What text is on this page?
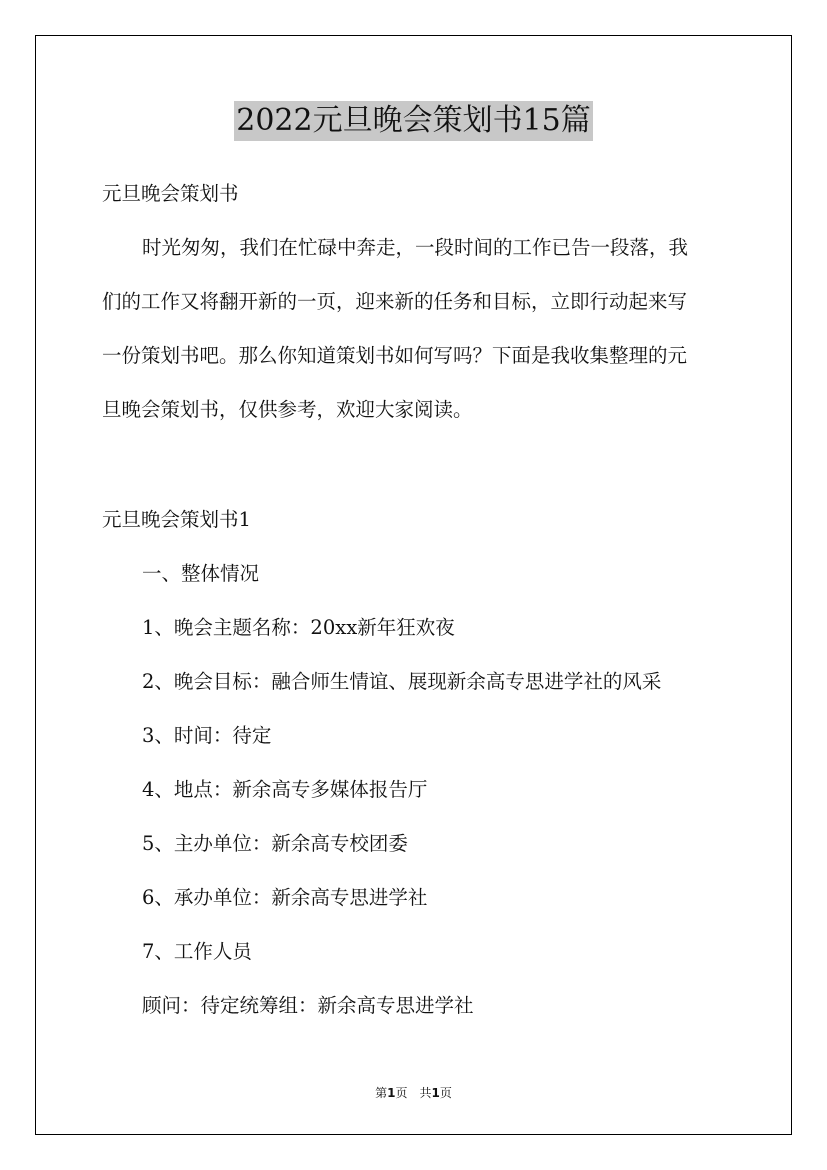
2022元旦晚会策划书15篇
元旦晚会策划书
时光匆匆，我们在忙碌中奔走，一段时间的工作已告一段落，我
们的工作又将翻开新的一页，迎来新的任务和目标，立即行动起来写
一份策划书吧。那么你知道策划书如何写吗？下面是我收集整理的元
旦晚会策划书，仅供参考，欢迎大家阅读。
元旦晚会策划书1
一、整体情况
1、晚会主题名称：20xx新年狂欢夜
2、晚会目标：融合师生情谊、展现新余高专思进学社的风采
3、时间：待定
4、地点：新余高专多媒体报告厅
5、主办单位：新余高专校团委
6、承办单位：新余高专思进学社
7、工作人员
顾问：待定统筹组：新余高专思进学社
第1页　共1页
